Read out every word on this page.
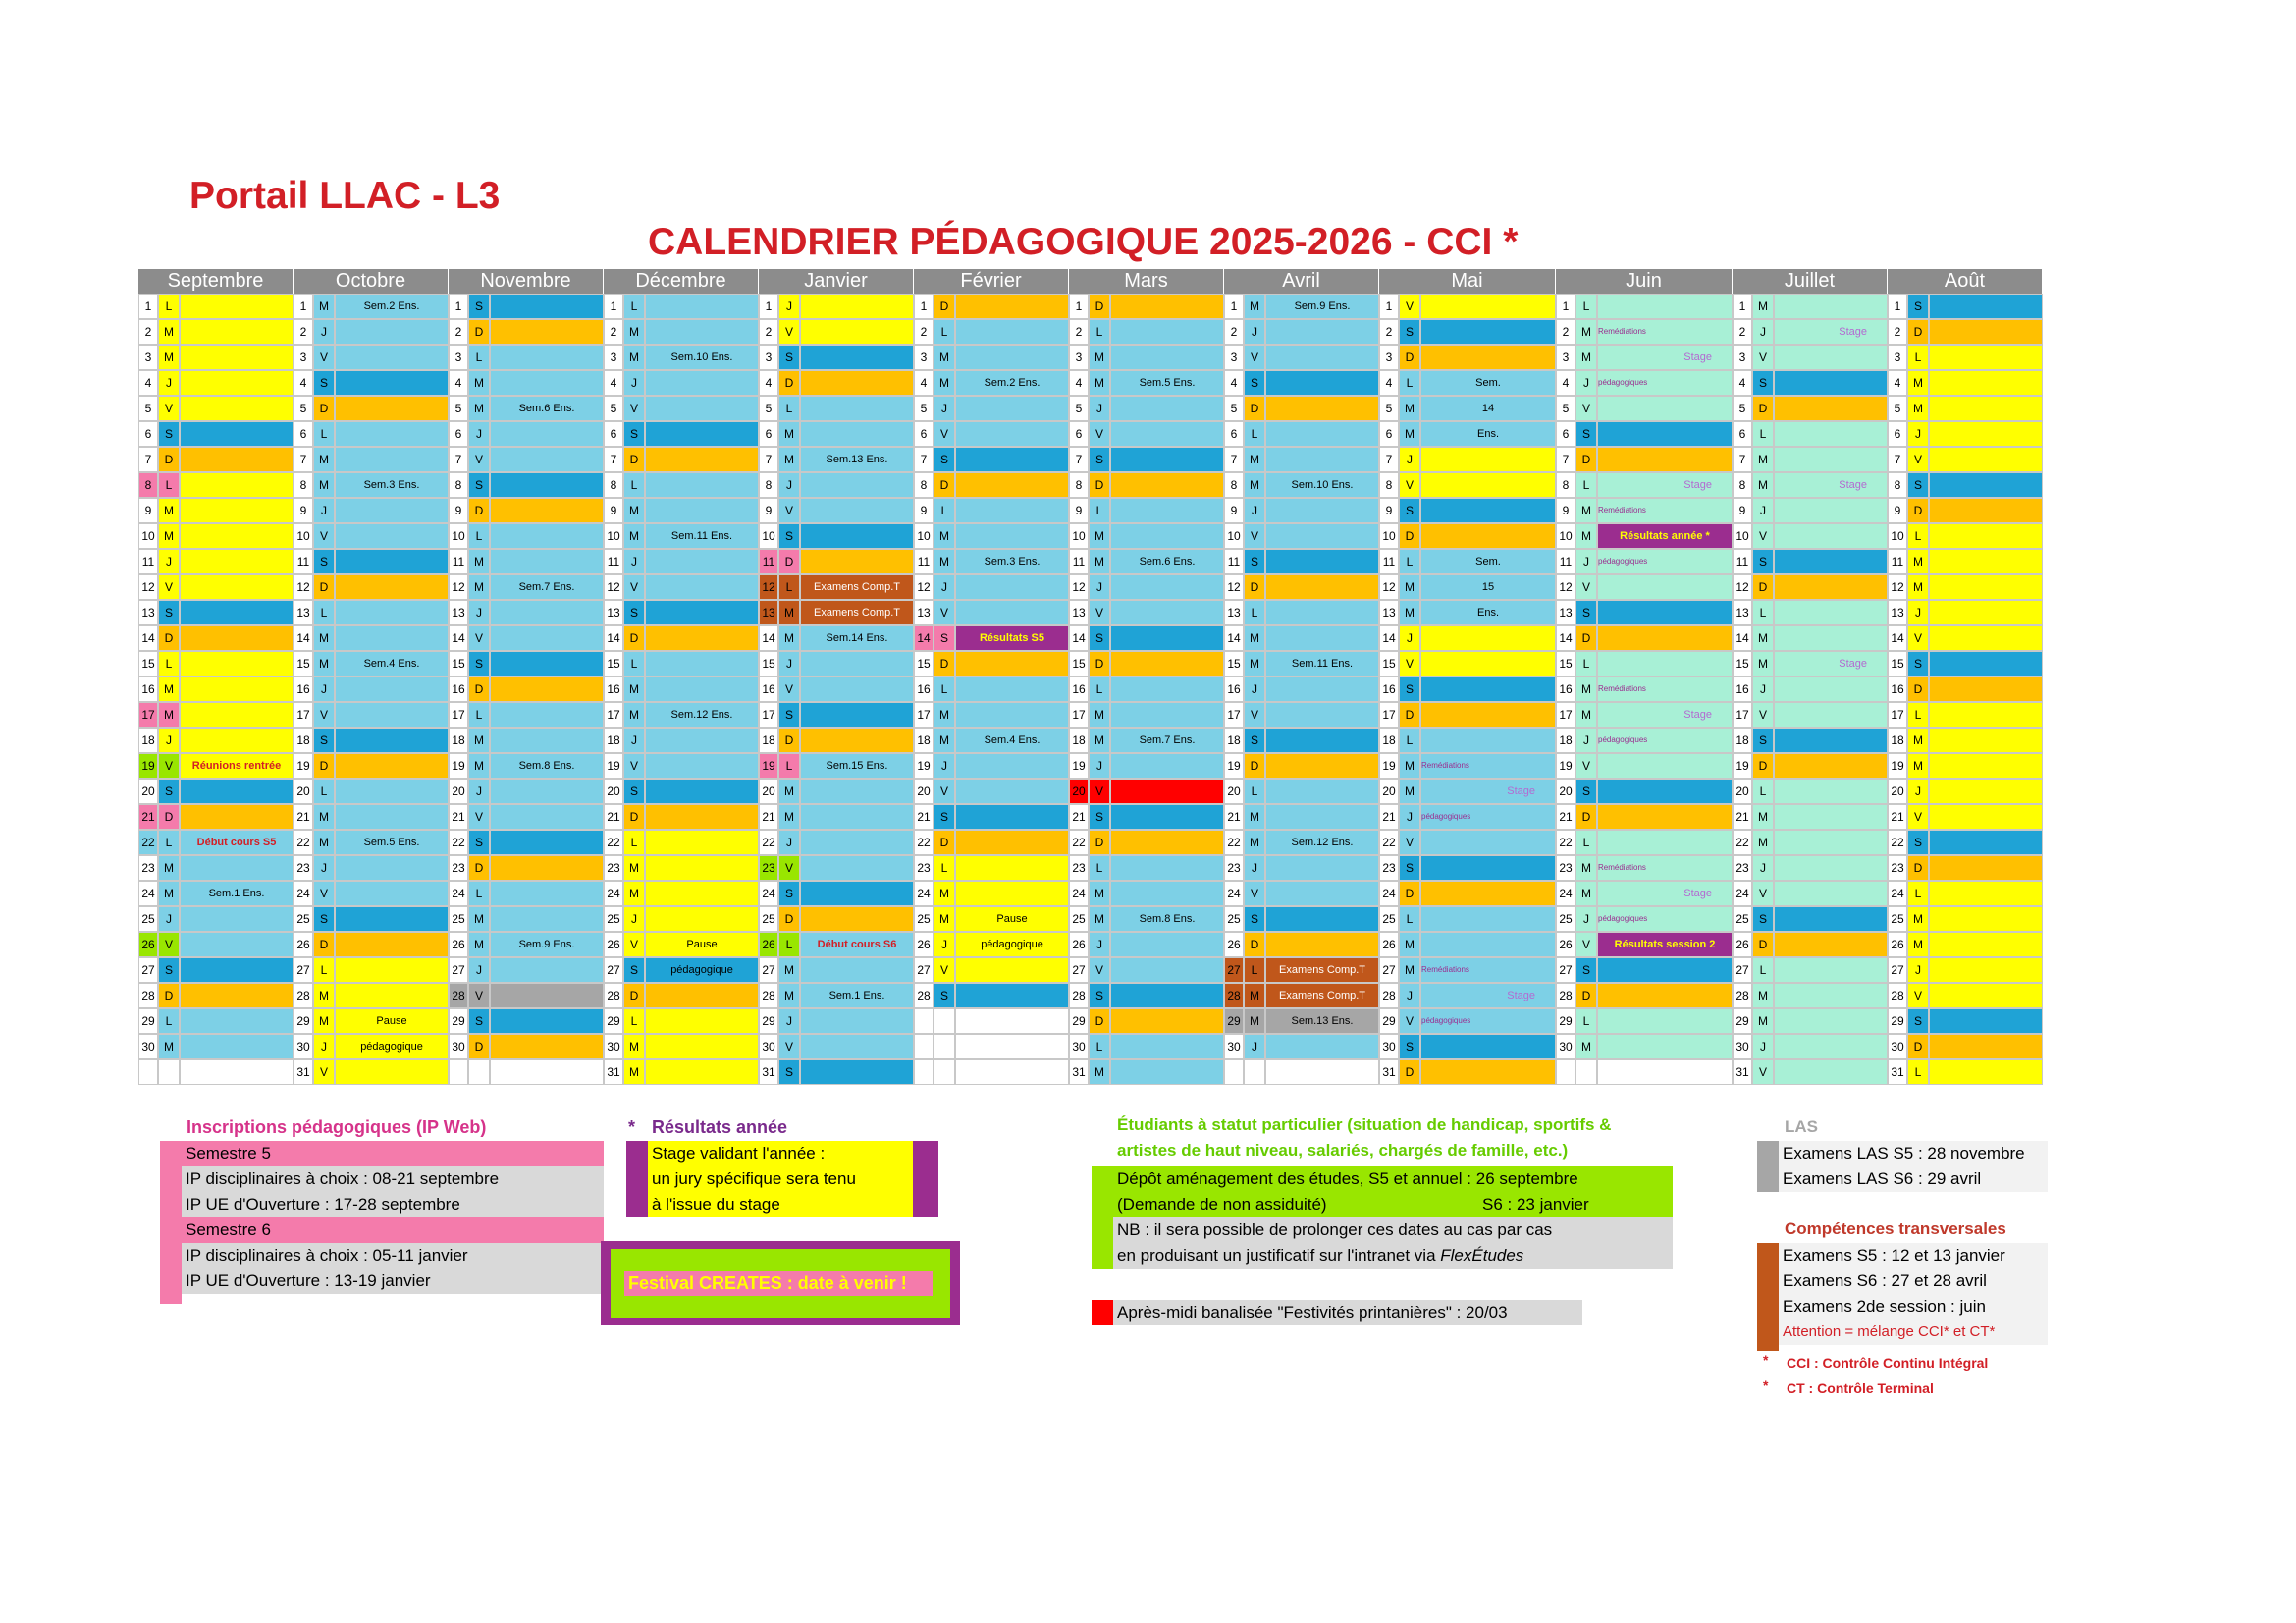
Portail LLAC - L3
CALENDRIER PÉDAGOGIQUE 2025-2026 - CCI *
Septembre
1	L
2	M
3	M
4	J
5	V
6	S
7	D
8	L
9	M
10 M
11 J
12 V
13 S
14 D
15 L
16 M
17 M
18 J
19 V	Réunions rentrée
20 S
21 D
22 L	Début cours S5
23 M
24 M	Sem.1 Ens.
25 J
26 V
27 S
28 D
29 L
30 M
Octobre
1	M	Sem.2 Ens.
2	J
3	V
4	S
5	D
6	L
7	M
8	M	Sem.3 Ens.
9	J
10 V
11 S
12 D
13 L
14 M
15 M	Sem.4 Ens.
16 J
17 V
18 S
19 D
20 L
21 M
22 M	Sem.5 Ens.
23 J
24 V
25 S
26 D
27 L
28 M
29 M	Pause
30 J	pédagogique
31 V
Novembre
1	S
2	D
3	L
4	M
5	M	Sem.6 Ens.
6	J
7	V
8	S
9	D
10 L
11 M
12 M	Sem.7 Ens.
13 J
14 V
15 S
16 D
17 L
18 M
19 M	Sem.8 Ens.
20 J
21 V
22 S
23 D
24 L
25 M
26 M	Sem.9 Ens.
27 J
28 V
29 S
30 D
Décembre
1	L
2	M
3	M	Sem.10 Ens.
4	J
5	V
6	S
7	D
8	L
9	M
10 M	Sem.11 Ens.
11 J
12 V
13 S
14 D
15 L
16 M
17 M	Sem.12 Ens.
18 J
19 V
20 S
21 D
22 L
23 M
24 M
25 J
26 V	Pause
27 S	pédagogique
28 D
29 L
30 M
31 M
Janvier
1	J
2	V
3	S
4	D
5	L
6	M
7	M	Sem.13 Ens.
8	J
9	V
10 S
11 D
12 L	Examens Comp.T
13 M	Examens Comp.T
14 M	Sem.14 Ens.
15 J
16 V
17 S
18 D
19 L	Sem.15 Ens.
20 M
21 M
22 J
23 V
24 S
25 D
26 L	Début cours S6
27 M
28 M	Sem.1 Ens.
29 J
30 V
31 S
Février
1	D
2	L
3	M
4	M	Sem.2 Ens.
5	J
6	V
7	S
8	D
9	L
10 M
11 M	Sem.3 Ens.
12 J
13 V
14 S	Résultats S5
15 D
16 L
17 M
18 M	Sem.4 Ens.
19 J
20 V
21 S
22 D
23 L
24 M
25 M	Pause
26 J	pédagogique
27 V
28 S
Mars
1	D
2	L
3	M
4	M	Sem.5 Ens.
5	J
6	V
7	S
8	D
9	L
10 M
11 M	Sem.6 Ens.
12 J
13 V
14 S
15 D
16 L
17 M
18 M	Sem.7 Ens.
19 J
20 V
21 S
22 D
23 L
24 M
25 M	Sem.8 Ens.
26 J
27 V
28 S
29 D
30 L
31 M
Avril
1	M	Sem.9 Ens.
2	J
3	V
4	S
5	D
6	L
7	M
8	M	Sem.10 Ens.
9	J
10 V
11 S
12 D
13 L
14 M
15 M	Sem.11 Ens.
16 J
17 V
18 S
19 D
20 L
21 M
22 M	Sem.12 Ens.
23 J
24 V
25 S
26 D
27 L	Examens Comp.T
28 M	Examens Comp.T
29 M	Sem.13 Ens.
30 J
Mai
1	V
2	S
3	D
4	L	Sem.
5	M	14
6	M	Ens.
7	J
8	V
9	S
10 D
11 L	Sem.
12 M	15
13 M	Ens.
14 J
15 V
16 S
17 D
18 L
19 M Remédiations
20 M	Stage
21 J	pédagogiques
22 V
23 S
24 D
25 L
26 M
27 M Remédiations
28 J	Stage
29 V	pédagogiques
30 S
31 D
Juin
1	L
2	M Remédiations
3	M	Stage
4	J	pédagogiques
5	V
6	S
7	D
8	L	Stage
9	M Remédiations
10 M	Résultats année *
11 J	pédagogiques
12 V
13 S
14 D
15 L
16 M Remédiations
17 M	Stage
18 J	pédagogiques
19 V
20 S
21 D
22 L
23 M Remédiations
24 M	Stage
25 J	pédagogiques
26 V	Résultats session 2
27 S
28 D
29 L
30 M
Juillet
1	M
2	J	Stage
3	V
4	S
5	D
6	L
7	M
8	M	Stage
9	J
10 V
11 S
12 D
13 L
14 M
15 M	Stage
16 J
17 V
18 S
19 D
20 L
21 M
22 M
23 J
24 V
25 S
26 D
27 L
28 M
29 M
30 J
31 V
Août
1	S
2	D
3	L
4	M
5	M
6	J
7	V
8	S
9	D
10 L
11 M
12 M
13 J
14 V
15 S
16 D
17 L
18 M
19 M
20 J
21 V
22 S
23 D
24 L
25 M
26 M
27 J
28 V
29 S
30 D
31 L
Inscriptions pédagogiques (IP Web)
Semestre 5
IP disciplinaires à choix : 08-21 septembre
IP UE d'Ouverture : 17-28 septembre
Semestre 6
IP disciplinaires à choix : 05-11 janvier
IP UE d'Ouverture : 13-19 janvier
* Résultats année
Stage validant l'année :
un jury spécifique sera tenu
à l'issue du stage
Festival CREATES : date à venir !
Étudiants à statut particulier (situation de handicap, sportifs &
artistes de haut niveau, salariés, chargés de famille, etc.)
Dépôt aménagement des études, S5 et annuel : 26 septembre
(Demande de non assiduité)	S6 : 23 janvier
NB : il sera possible de prolonger ces dates au cas par cas
en produisant un justificatif sur l'intranet via FlexÉtudes
Après-midi banalisée "Festivités printanières" : 20/03
LAS
Examens LAS S5 : 28 novembre
Examens LAS S6 : 29 avril
Compétences transversales
Examens S5 : 12 et 13 janvier
Examens S6 : 27 et 28 avril
Examens 2de session : juin
Attention = mélange CCI* et CT*
* CCI : Contrôle Continu Intégral
* CT : Contrôle Terminal
